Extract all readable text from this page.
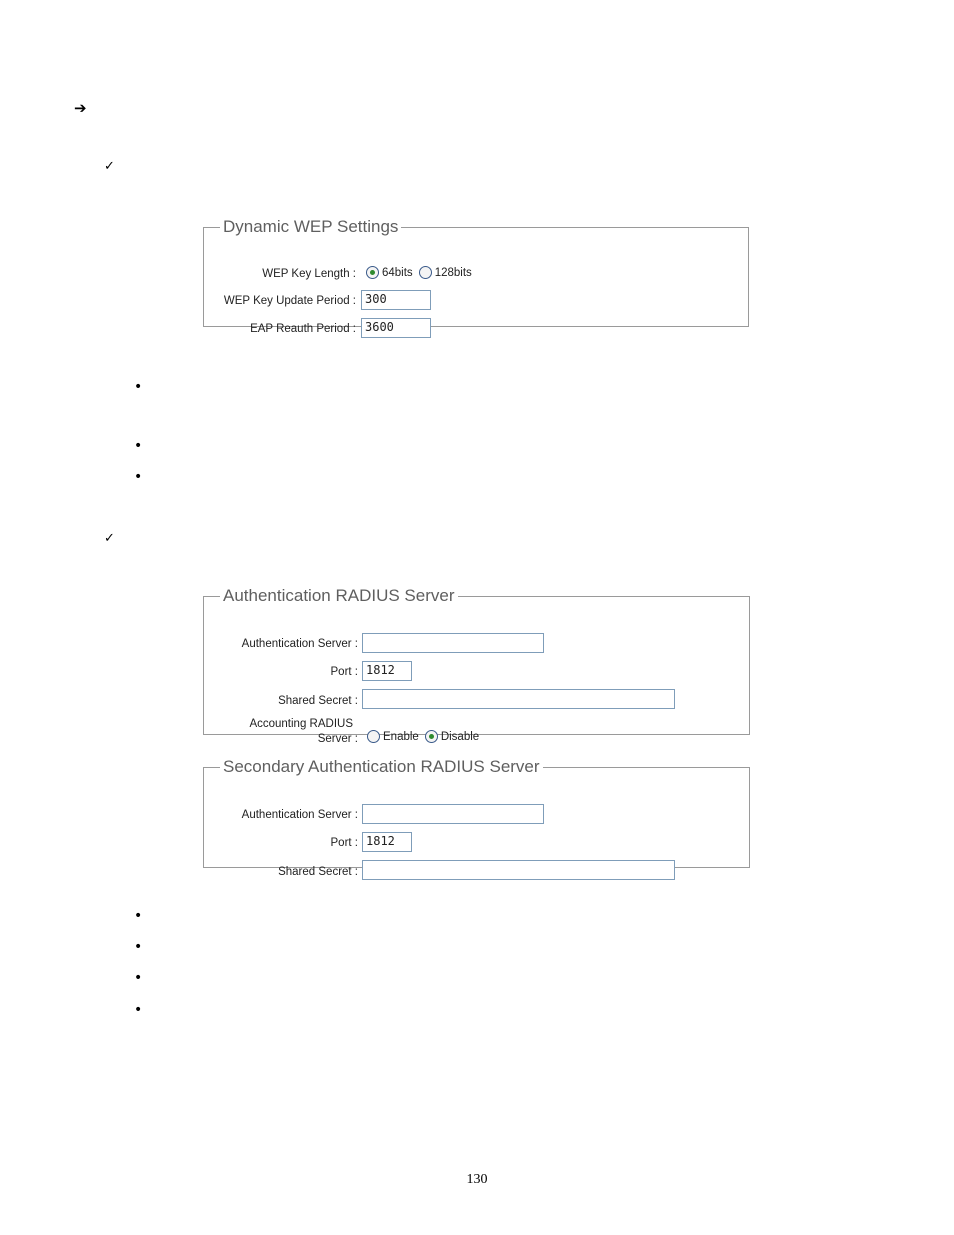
➔
✓
Dynamic WEP Settings
WEP Key Length : 64bits 128bits
WEP Key Update Period : 300
EAP Reauth Period : 3600
•
•
•
✓
Authentication RADIUS Server
Authentication Server :
Port : 1812
Shared Secret :
Accounting RADIUS
Server : Enable Disable
Secondary Authentication RADIUS Server
Authentication Server :
Port : 1812
Shared Secret :
•
•
•
•
130
